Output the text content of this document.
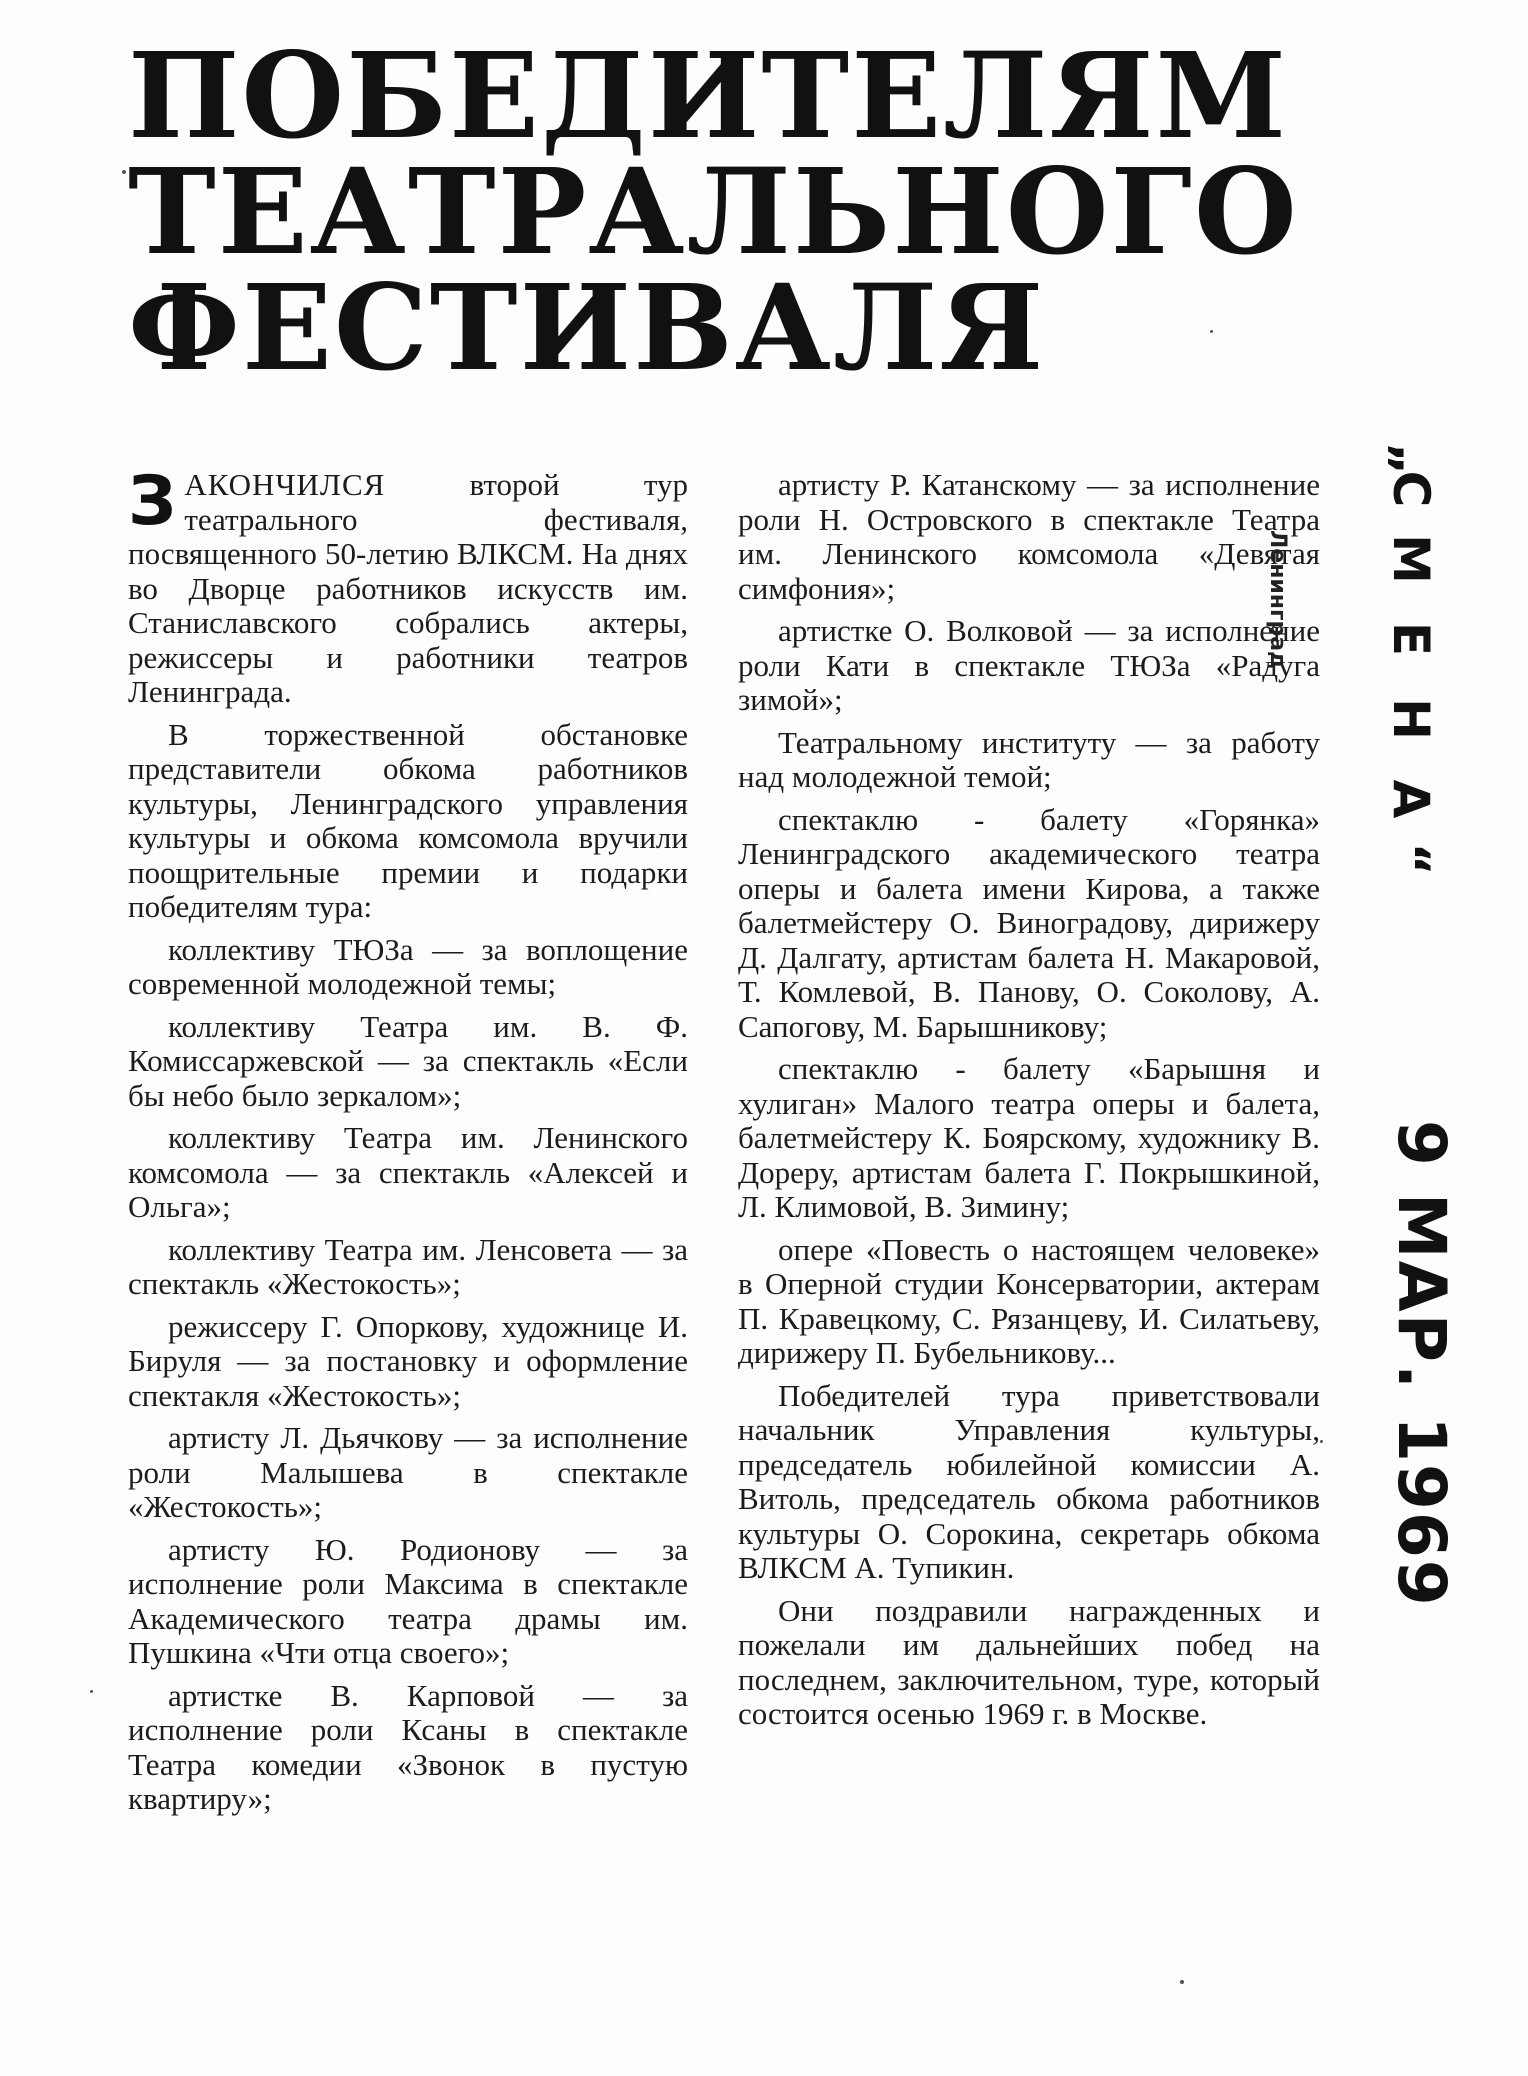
ПОБЕДИТЕЛЯМ
ТЕАТРАЛЬНОГО
ФЕСТИВАЛЯ

ЗАКОНЧИЛСЯ второй тур театрального фестиваля, посвященного 50-летию ВЛКСМ. На днях во Дворце работников искусств им. Станиславского собрались актеры, режиссеры и работники театров Ленинграда.

В торжественной обстановке представители обкома работников культуры, Ленинградского управления культуры и обкома комсомола вручили поощрительные премии и подарки победителям тура:

коллективу ТЮЗа — за воплощение современной молодежной темы;

коллективу Театра им. В. Ф. Комиссаржевской — за спектакль «Если бы небо было зеркалом»;

коллективу Театра им. Ленинского комсомола — за спектакль «Алексей и Ольга»;

коллективу Театра им. Ленсовета — за спектакль «Жестокость»;

режиссеру Г. Опоркову, художнице И. Бируля — за постановку и оформление спектакля «Жестокость»;

артисту Л. Дьячкову — за исполнение роли Малышева в спектакле «Жестокость»;

артисту Ю. Родионову — за исполнение роли Максима в спектакле Академического театра драмы им. Пушкина «Чти отца своего»;

артистке В. Карповой — за исполнение роли Ксаны в спектакле Театра комедии «Звонок в пустую квартиру»;

артисту Р. Катанскому — за исполнение роли Н. Островского в спектакле Театра им. Ленинского комсомола «Девятая симфония»;

артистке О. Волковой — за исполнение роли Кати в спектакле ТЮЗа «Радуга зимой»;

Театральному институту — за работу над молодежной темой;

спектаклю - балету «Горянка» Ленинградского академического театра оперы и балета имени Кирова, а также балетмейстеру О. Виноградову, дирижеру Д. Далгату, артистам балета Н. Макаровой, Т. Комлевой, В. Панову, О. Соколову, А. Сапогову, М. Барышникову;

спектаклю - балету «Барышня и хулиган» Малого театра оперы и балета, балетмейстеру К. Боярскому, художнику В. Дореру, артистам балета Г. Покрышкиной, Л. Климовой, В. Зимину;

опере «Повесть о настоящем человеке» в Оперной студии Консерватории, актерам П. Кравецкому, С. Рязанцеву, И. Силатьеву, дирижеру П. Бубельникову...

Победителей тура приветствовали начальник Управления культуры, председатель юбилейной комиссии А. Витоль, председатель обкома работников культуры О. Сорокина, секретарь обкома ВЛКСМ А. Тупикин.

Они поздравили награжденных и пожелали им дальнейших побед на последнем, заключительном, туре, который состоится осенью 1969 г. в Москве.

„
С
М
Е
Н
А
“
Ленинград
9 МАР. 1969
